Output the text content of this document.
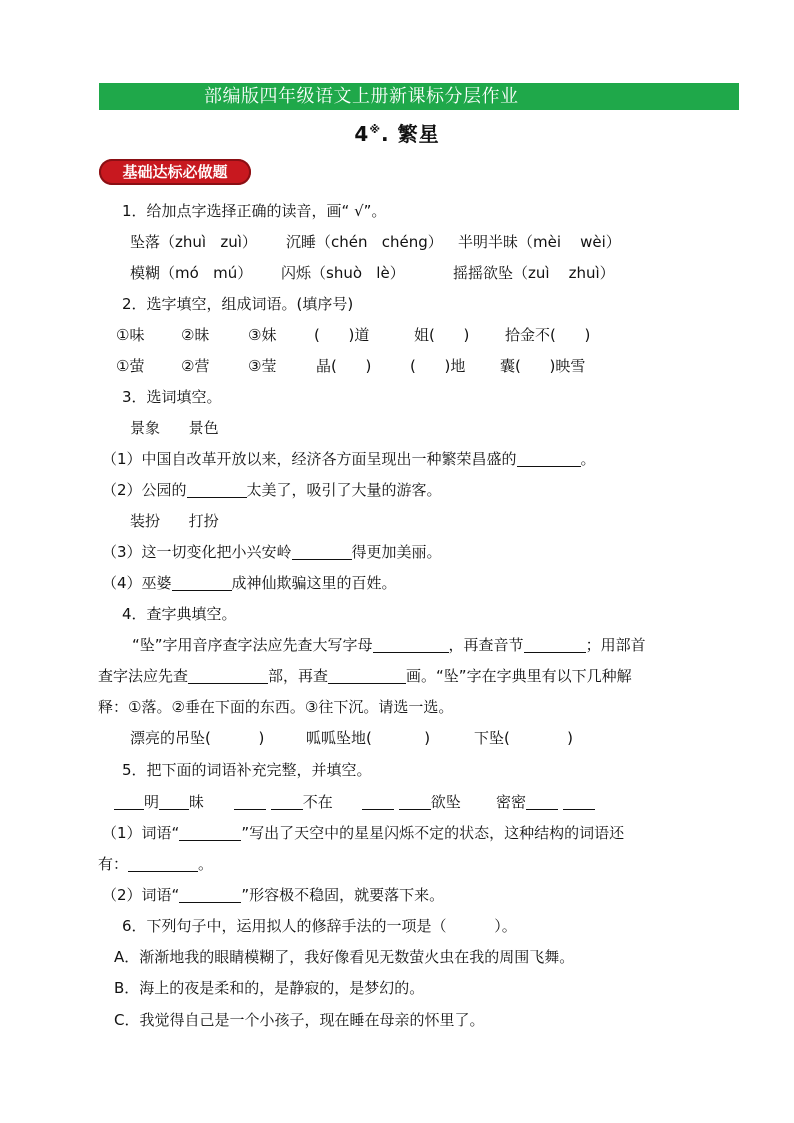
部编版四年级语文上册新课标分层作业
4※. 繁星
基础达标必做题
1．给加点字选择正确的读音，画“ √”。
坠落（zhuì   zuì） 沉睡（chén   chéng） 半明半昧（mèi    wèi）
模糊（mó   mú） 闪烁（shuò   lè）	摇摇欲坠（zuì    zhuì）
2．选字填空，组成词语。(填序号)
①味 ②昧	③妹	(      )道	姐(      ) 拾金不(      )
①萤 ②营	③莹	晶(      )	(      )地 囊(      )映雪
3．选词填空。
景象      景色
（1）中国自改革开放以来，经济各方面呈现出一种繁荣昌盛的	。
（2）公园的	太美了，吸引了大量的游客。
装扮      打扮
（3）这一切变化把小兴安岭	得更加美丽。
（4）巫婆	成神仙欺骗这里的百姓。
4．查字典填空。
“坠”字用音序查字法应先查大写字母	，再查音节	；用部首
查字法应先查	部，再查	画。“坠”字在字典里有以下几种解
释：①落。②垂在下面的东西。③往下沉。请选一选。
漂亮的吊坠(          )	呱呱坠地(           )	下坠(            )
5．把下面的词语补充完整，并填空。
明 昧	不在	欲坠 密密
（1）词语“	”写出了天空中的星星闪烁不定的状态，这种结构的词语还
有：	。
（2）词语“	”形容极不稳固，就要落下来。
6．下列句子中，运用拟人的修辞手法的一项是（          ）。
A．渐渐地我的眼睛模糊了，我好像看见无数萤火虫在我的周围飞舞。
B．海上的夜是柔和的，是静寂的，是梦幻的。
C．我觉得自己是一个小孩子，现在睡在母亲的怀里了。
